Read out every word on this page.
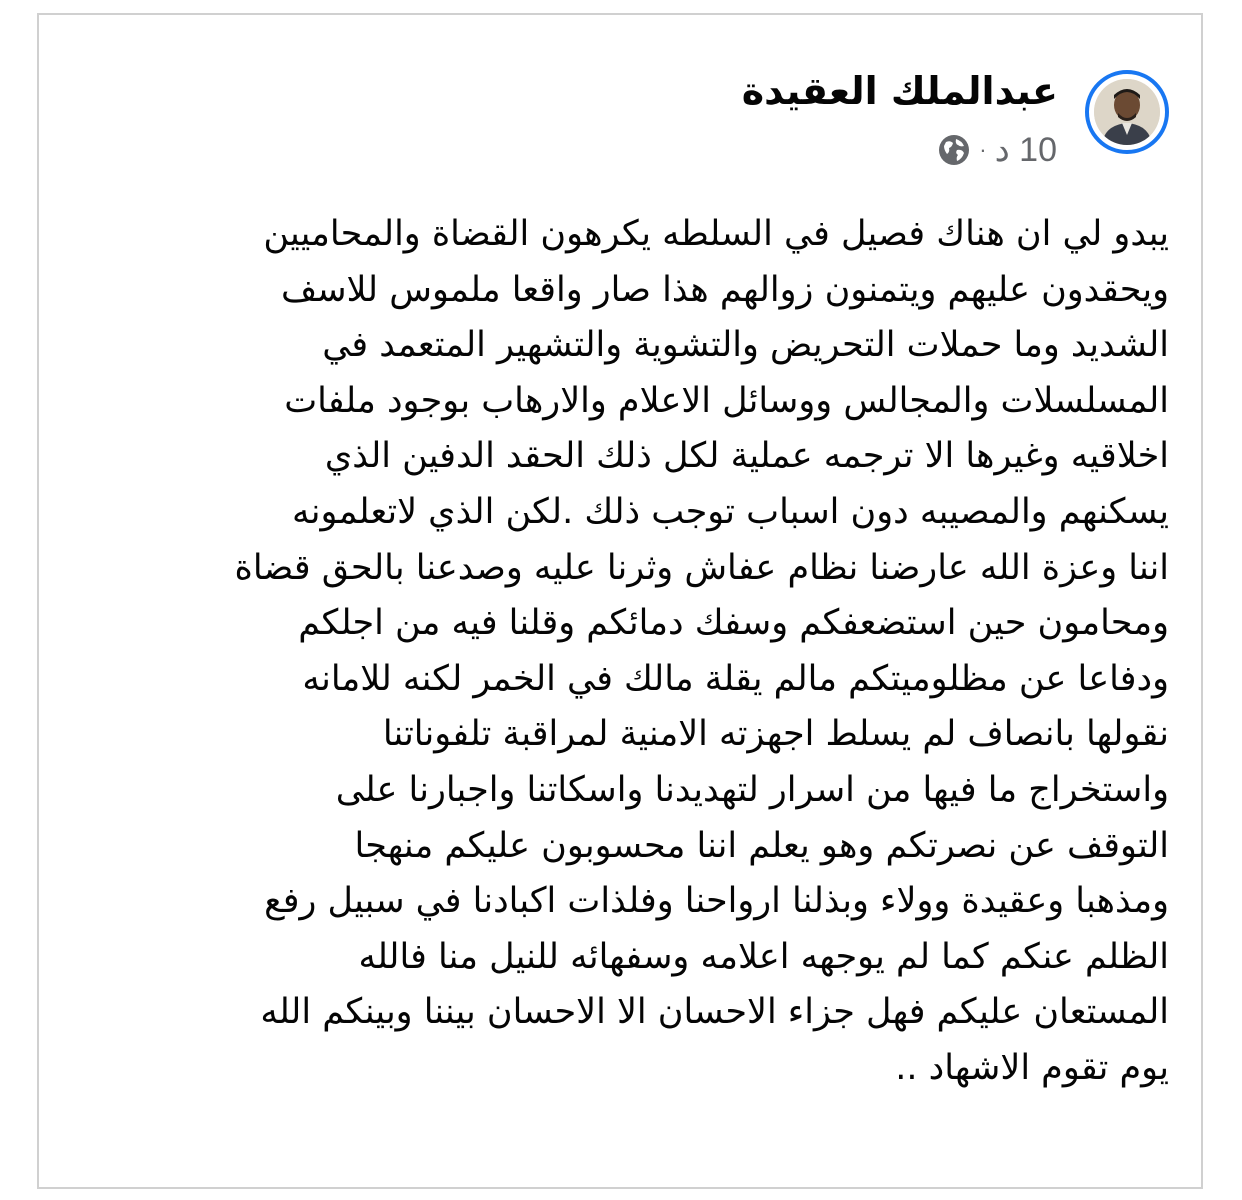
عبدالملك العقيدة
10 د
·
يبدو لي ان هناك فصيل في السلطه يكرهون القضاة والمحاميين
ويحقدون عليهم ويتمنون زوالهم هذا صار واقعا ملموس للاسف
الشديد وما حملات التحريض والتشوية والتشهير المتعمد في
المسلسلات والمجالس ووسائل الاعلام والارهاب بوجود ملفات
اخلاقيه وغيرها الا ترجمه عملية لكل ذلك الحقد الدفين الذي
يسكنهم والمصيبه دون اسباب توجب ذلك .لكن الذي لاتعلمونه
اننا وعزة الله عارضنا نظام عفاش وثرنا عليه وصدعنا بالحق قضاة
ومحامون حين استضعفكم وسفك دمائكم وقلنا فيه من اجلكم
ودفاعا عن مظلوميتكم مالم يقلة مالك في الخمر لكنه للامانه
نقولها بانصاف لم يسلط اجهزته الامنية لمراقبة تلفوناتنا
واستخراج ما فيها من اسرار لتهديدنا واسكاتنا واجبارنا على
التوقف عن نصرتكم وهو يعلم اننا محسوبون عليكم منهجا
ومذهبا وعقيدة وولاء وبذلنا ارواحنا وفلذات اكبادنا في سبيل رفع
الظلم عنكم كما لم يوجهه اعلامه وسفهائه للنيل منا فالله
المستعان عليكم فهل جزاء الاحسان الا الاحسان بيننا وبينكم الله
يوم تقوم الاشهاد ..
